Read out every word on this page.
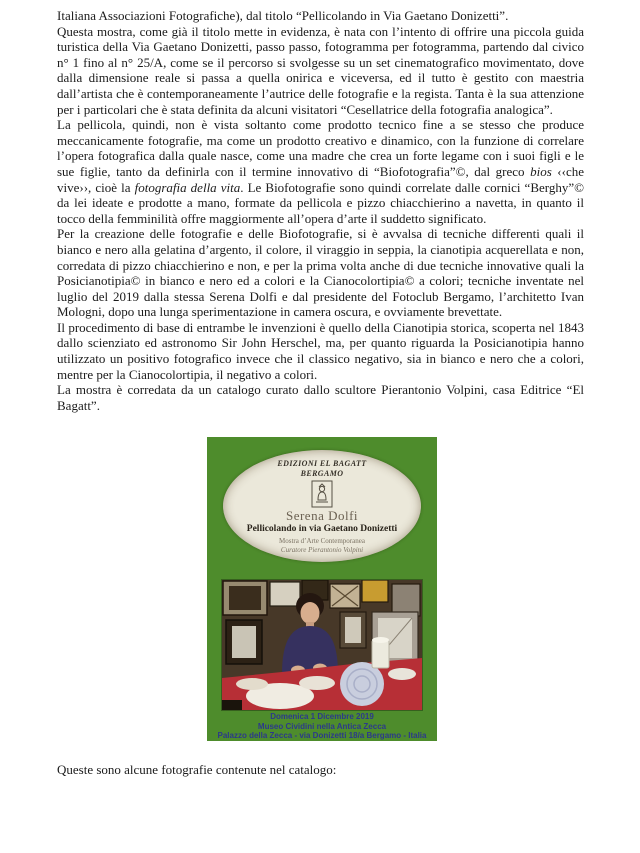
Italiana Associazioni Fotografiche), dal titolo “Pellicolando in Via Gaetano Donizetti”.

Questa mostra, come già il titolo mette in evidenza, è nata con l’intento di offrire una piccola guida turistica della Via Gaetano Donizetti, passo passo, fotogramma per fotogramma, partendo dal civico n° 1 fino al n° 25/A, come se il percorso si svolgesse su un set cinematografico movimentato, dove dalla dimensione reale si passa a quella onirica e viceversa, ed il tutto è gestito con maestria dall’artista che è contemporaneamente l’autrice delle fotografie e la regista. Tanta è la sua attenzione per i particolari che è stata definita da alcuni visitatori “Cesellatrice della fotografia analogica”.

La pellicola, quindi, non è vista soltanto come prodotto tecnico fine a se stesso che produce meccanicamente fotografie, ma come un prodotto creativo e dinamico, con la funzione di correlare l’opera fotografica dalla quale nasce, come una madre che crea un forte legame con i suoi figli e le sue figlie, tanto da definirla con il termine innovativo di “Biofotografia”©, dal greco bios ‹‹che vive››, cioè la fotografia della vita. Le Biofotografie sono quindi correlate dalle cornici “Berghy”© da lei ideate e prodotte a mano, formate da pellicola e pizzo chiacchierino a navetta, in quanto il tocco della femminilità offre maggiormente all’opera d’arte il suddetto significato.

Per la creazione delle fotografie e delle Biofotografie, si è avvalsa di tecniche differenti quali il bianco e nero alla gelatina d’argento, il colore, il viraggio in seppia, la cianotipia acquerellata e non, corredata di pizzo chiacchierino e non, e per la prima volta anche di due tecniche innovative quali la Posicianotipia© in bianco e nero ed a colori e la Cianocolortipia© a colori; tecniche inventate nel luglio del 2019 dalla stessa Serena Dolfi e dal presidente del Fotoclub Bergamo, l’architetto Ivan Mologni, dopo una lunga sperimentazione in camera oscura, e ovviamente brevettate.

Il procedimento di base di entrambe le invenzioni è quello della Cianotipia storica, scoperta nel 1843 dallo scienziato ed astronomo Sir John Herschel, ma, per quanto riguarda la Posicianotipia hanno utilizzato un positivo fotografico invece che il classico negativo, sia in bianco e nero che a colori, mentre per la Cianocolortipia, il negativo a colori.

La mostra è corredata da un catalogo curato dallo scultore Pierantonio Volpini, casa Editrice “El Bagatt”.

EDIZIONI EL BAGATT
BERGAMO
Serena Dolfi
Pellicolando in via Gaetano Donizetti
Mostra d’Arte Contemporanea
Curatore Pierantonio Volpini
Domenica 1 Dicembre 2019
Museo Cividini nella Antica Zecca
Palazzo della Zecca - via Donizetti 18/a Bergamo - Italia

Queste sono alcune fotografie contenute nel catalogo:
